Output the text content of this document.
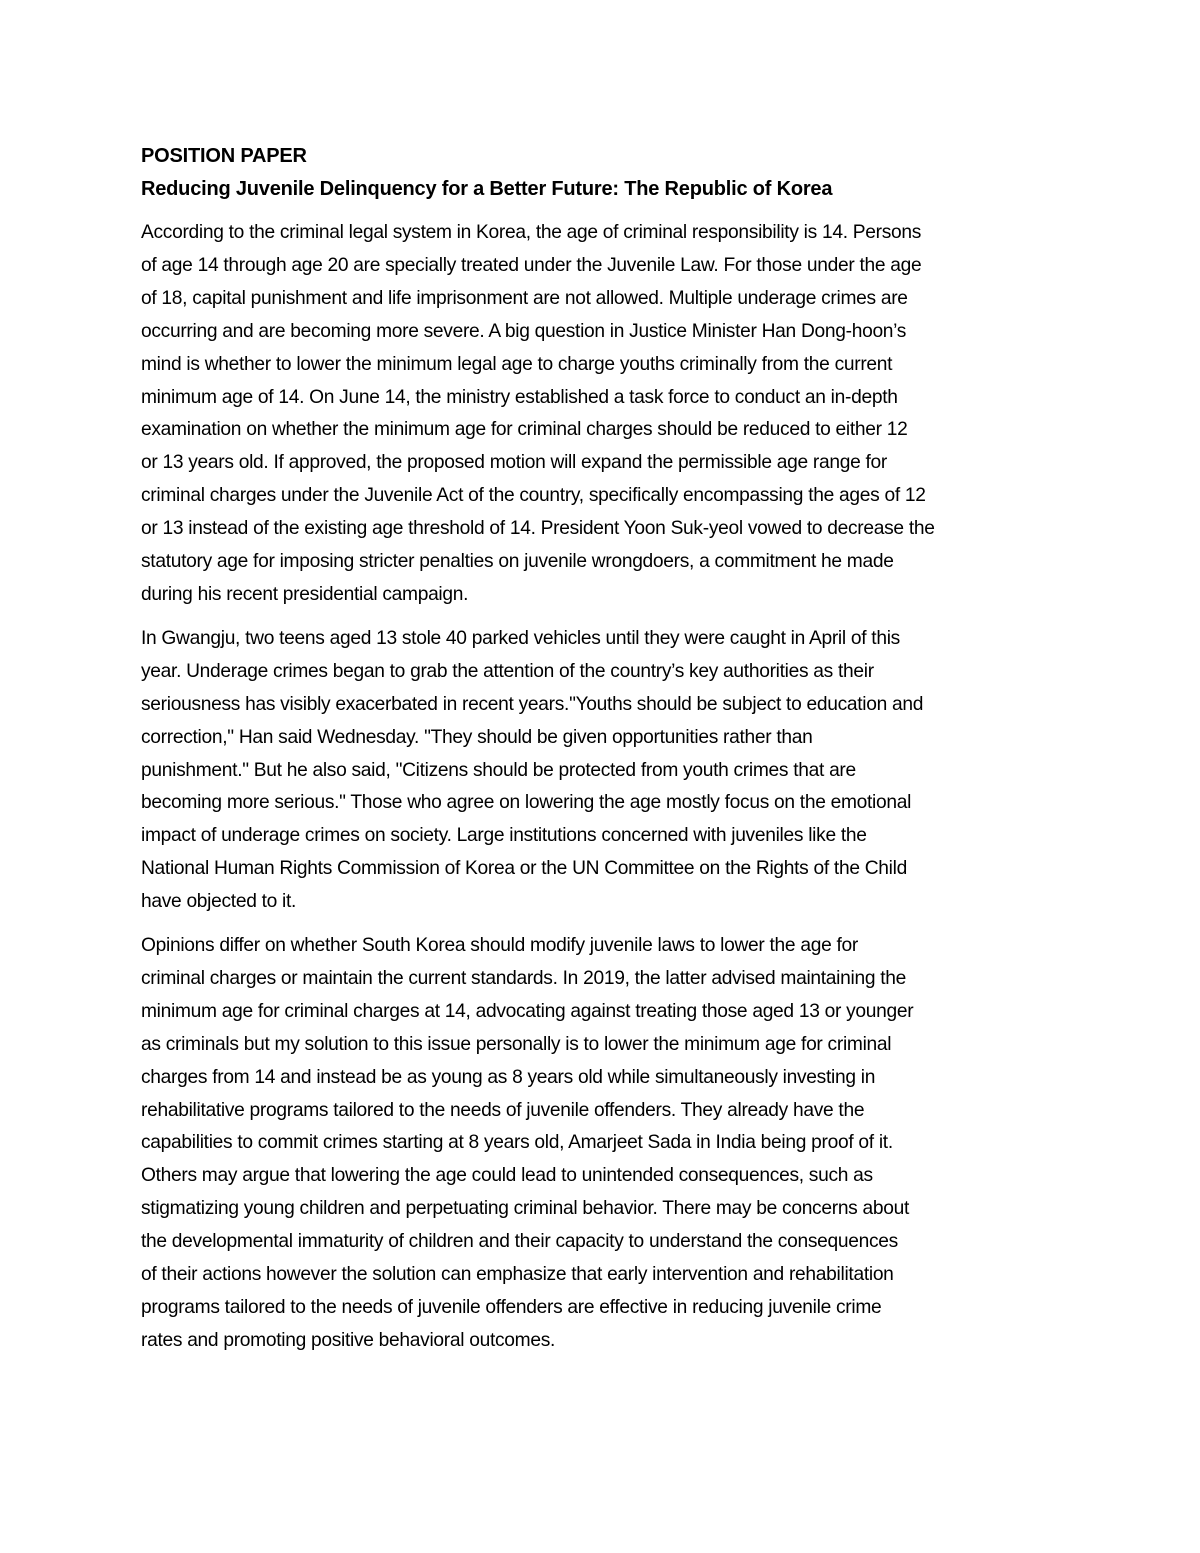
POSITION PAPER
Reducing Juvenile Delinquency for a Better Future: The Republic of Korea

According to the criminal legal system in Korea, the age of criminal responsibility is 14. Persons
of age 14 through age 20 are specially treated under the Juvenile Law. For those under the age
of 18, capital punishment and life imprisonment are not allowed. Multiple underage crimes are
occurring and are becoming more severe. A big question in Justice Minister Han Dong-hoon’s
mind is whether to lower the minimum legal age to charge youths criminally from the current
minimum age of 14. On June 14, the ministry established a task force to conduct an in-depth
examination on whether the minimum age for criminal charges should be reduced to either 12
or 13 years old. If approved, the proposed motion will expand the permissible age range for
criminal charges under the Juvenile Act of the country, specifically encompassing the ages of 12
or 13 instead of the existing age threshold of 14. President Yoon Suk-yeol vowed to decrease the
statutory age for imposing stricter penalties on juvenile wrongdoers, a commitment he made
during his recent presidential campaign.

In Gwangju, two teens aged 13 stole 40 parked vehicles until they were caught in April of this
year. Underage crimes began to grab the attention of the country’s key authorities as their
seriousness has visibly exacerbated in recent years."Youths should be subject to education and
correction," Han said Wednesday. "They should be given opportunities rather than
punishment." But he also said, "Citizens should be protected from youth crimes that are
becoming more serious." Those who agree on lowering the age mostly focus on the emotional
impact of underage crimes on society. Large institutions concerned with juveniles like the
National Human Rights Commission of Korea or the UN Committee on the Rights of the Child
have objected to it.

Opinions differ on whether South Korea should modify juvenile laws to lower the age for
criminal charges or maintain the current standards. In 2019, the latter advised maintaining the
minimum age for criminal charges at 14, advocating against treating those aged 13 or younger
as criminals but my solution to this issue personally is to lower the minimum age for criminal
charges from 14 and instead be as young as 8 years old while simultaneously investing in
rehabilitative programs tailored to the needs of juvenile offenders. They already have the
capabilities to commit crimes starting at 8 years old, Amarjeet Sada in India being proof of it.
Others may argue that lowering the age could lead to unintended consequences, such as
stigmatizing young children and perpetuating criminal behavior. There may be concerns about
the developmental immaturity of children and their capacity to understand the consequences
of their actions however the solution can emphasize that early intervention and rehabilitation
programs tailored to the needs of juvenile offenders are effective in reducing juvenile crime
rates and promoting positive behavioral outcomes.
